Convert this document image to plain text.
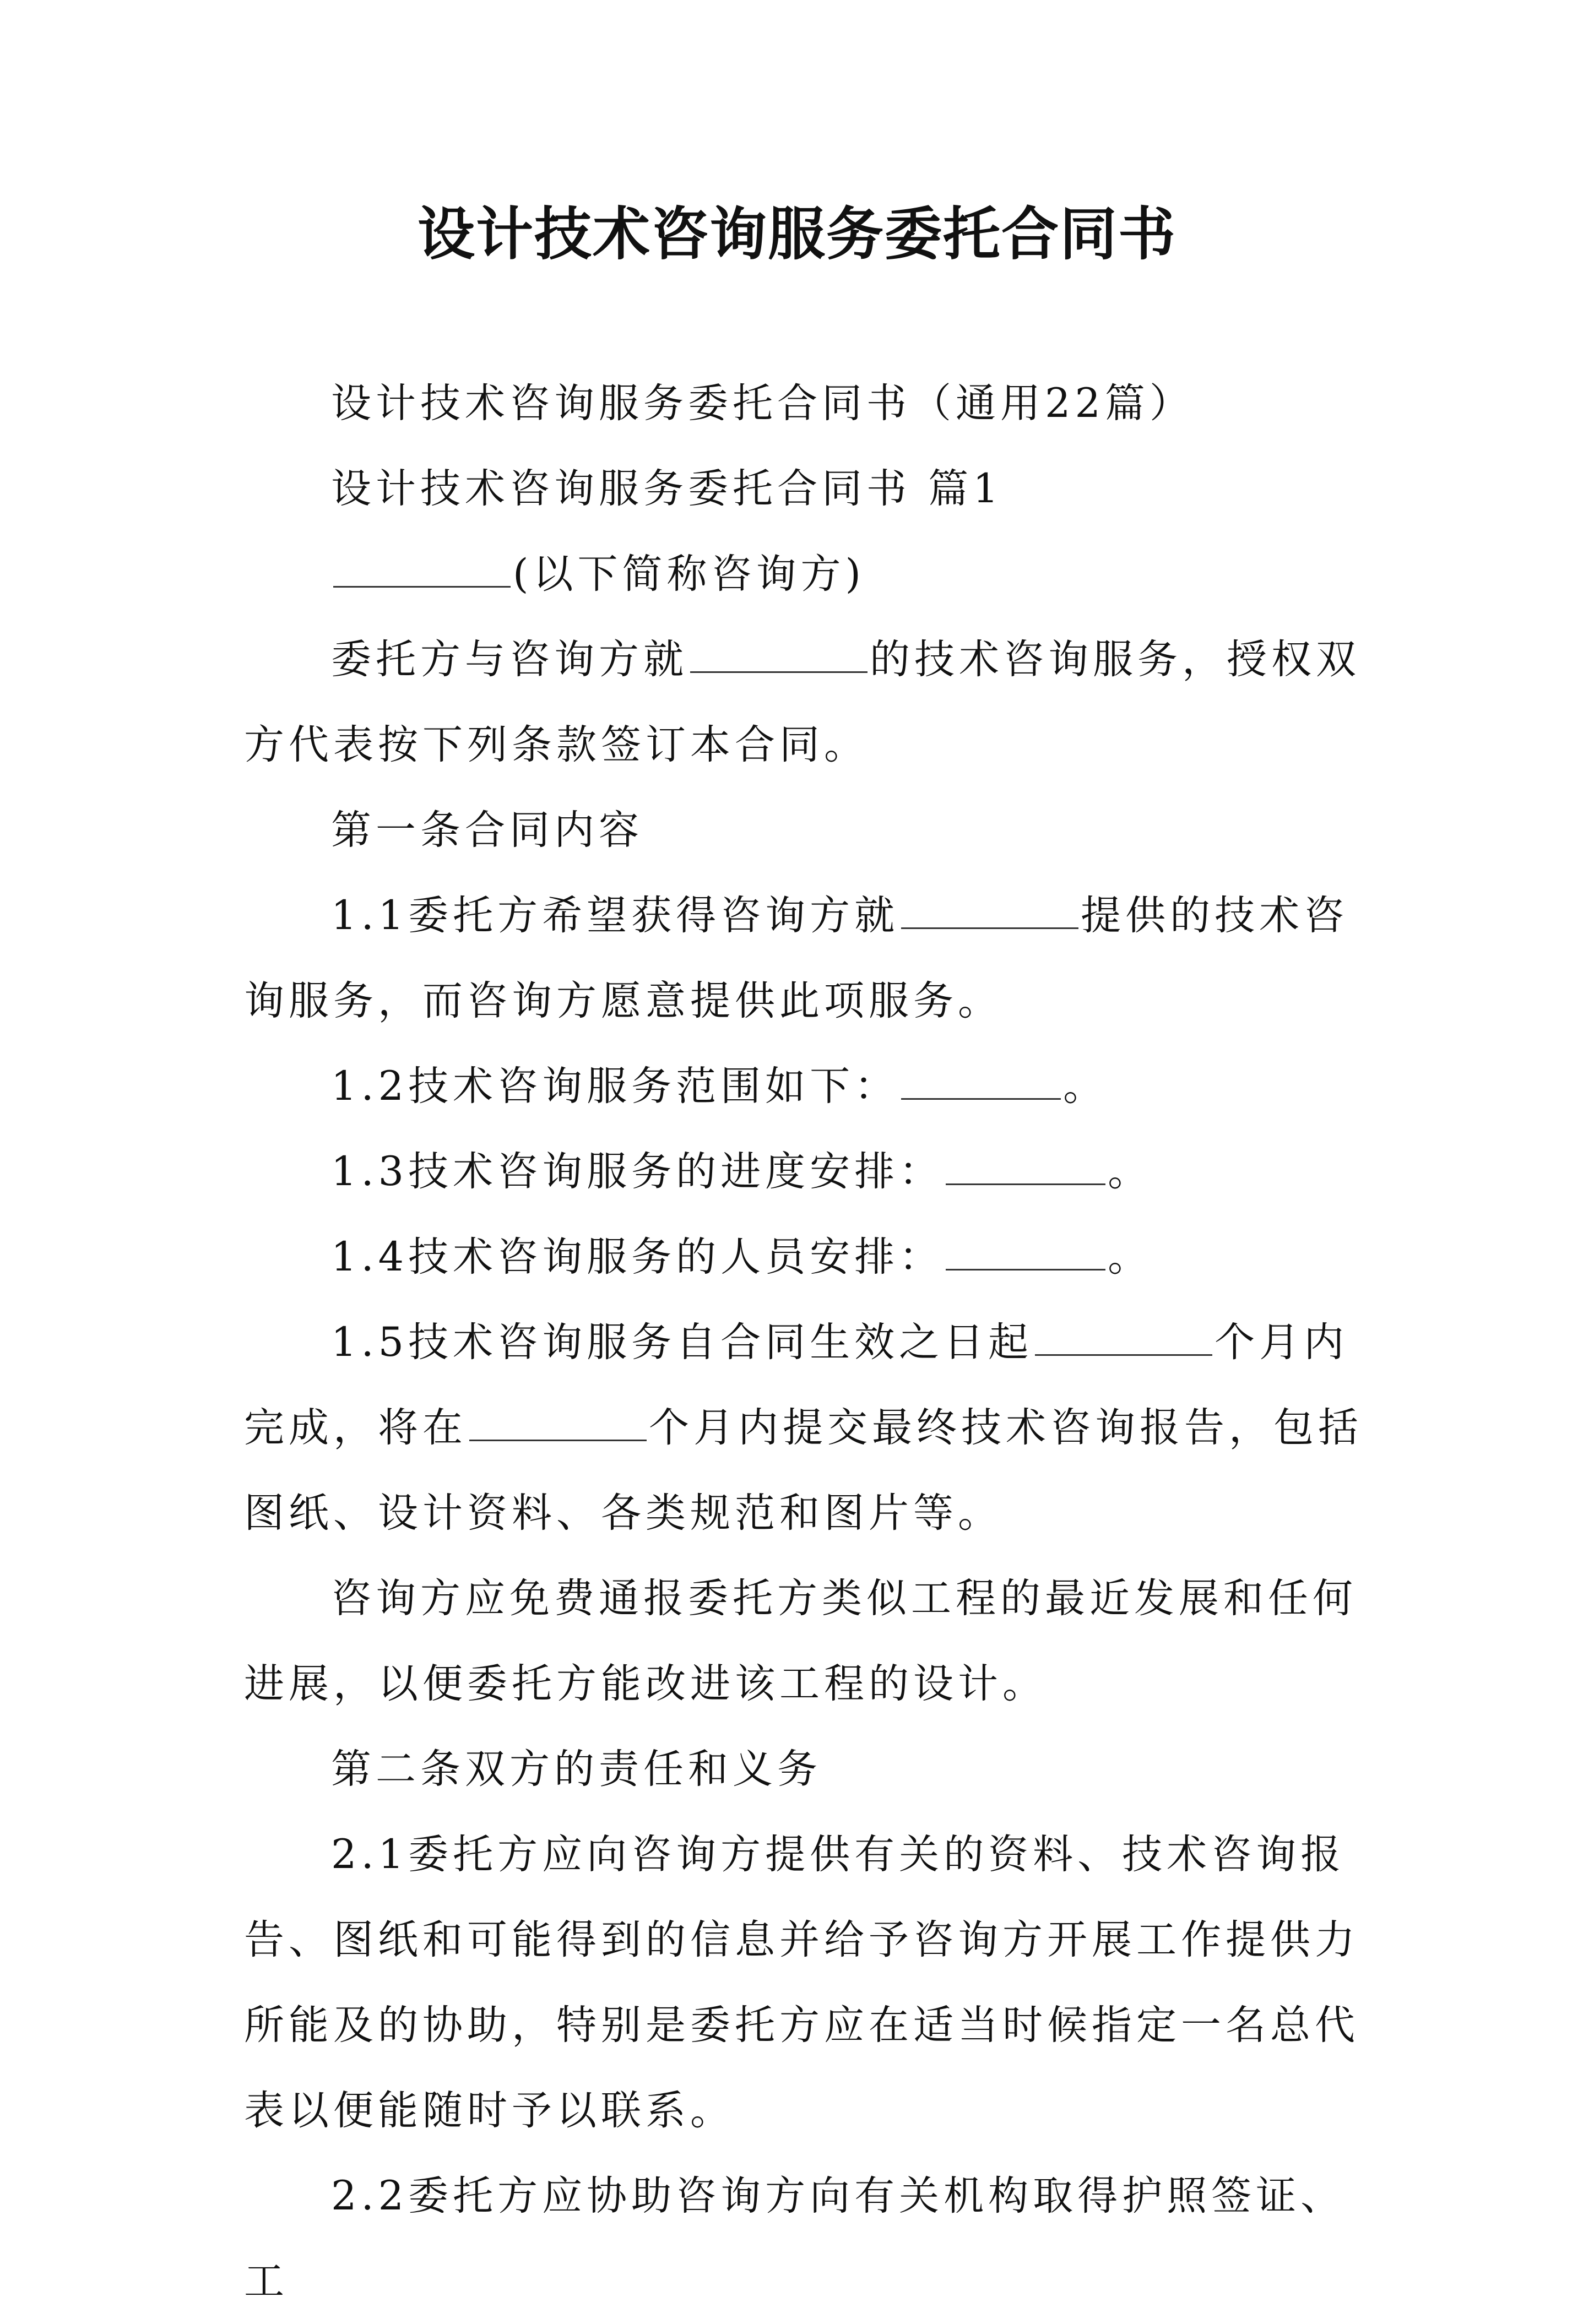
设计技术咨询服务委托合同书

设计技术咨询服务委托合同书（通用22篇）

设计技术咨询服务委托合同书 篇1

(以下简称咨询方)

委托方与咨询方就	的技术咨询服务，授权双方代表按下列条款签订本合同。

第一条合同内容

1.1委托方希望获得咨询方就	提供的技术咨询服务，而咨询方愿意提供此项服务。

1.2技术咨询服务范围如下：	。

1.3技术咨询服务的进度安排：	。

1.4技术咨询服务的人员安排：	。

1.5技术咨询服务自合同生效之日起	个月内完成，将在	个月内提交最终技术咨询报告，包括图纸、设计资料、各类规范和图片等。

咨询方应免费通报委托方类似工程的最近发展和任何进展，以便委托方能改进该工程的设计。

第二条双方的责任和义务

2.1委托方应向咨询方提供有关的资料、技术咨询报告、图纸和可能得到的信息并给予咨询方开展工作提供力所能及的协助，特别是委托方应在适当时候指定一名总代表以便能随时予以联系。

2.2委托方应协助咨询方向有关机构取得护照签证、工
